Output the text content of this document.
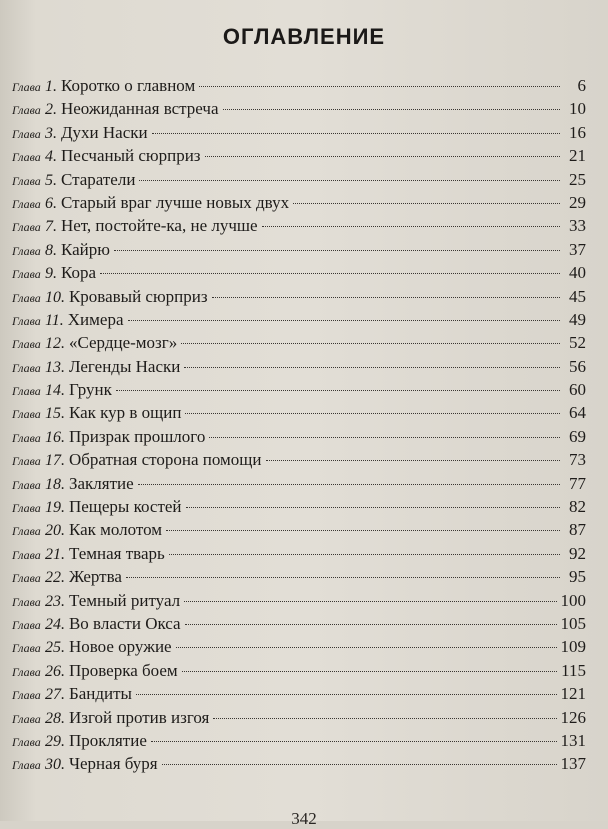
ОГЛАВЛЕНИЕ
Глава 1. Коротко о главном	6
Глава 2. Неожиданная встреча	10
Глава 3. Духи Наски	16
Глава 4. Песчаный сюрприз	21
Глава 5. Старатели	25
Глава 6. Старый враг лучше новых двух	29
Глава 7. Нет, постойте-ка, не лучше	33
Глава 8. Кайрю	37
Глава 9. Кора	40
Глава 10. Кровавый сюрприз	45
Глава 11. Химера	49
Глава 12. «Сердце-мозг»	52
Глава 13. Легенды Наски	56
Глава 14. Грунк	60
Глава 15. Как кур в ощип	64
Глава 16. Призрак прошлого	69
Глава 17. Обратная сторона помощи	73
Глава 18. Заклятие	77
Глава 19. Пещеры костей	82
Глава 20. Как молотом	87
Глава 21. Темная тварь	92
Глава 22. Жертва	95
Глава 23. Темный ритуал	100
Глава 24. Во власти Окса	105
Глава 25. Новое оружие	109
Глава 26. Проверка боем	115
Глава 27. Бандиты	121
Глава 28. Изгой против изгоя	126
Глава 29. Проклятие	131
Глава 30. Черная буря	137
342
